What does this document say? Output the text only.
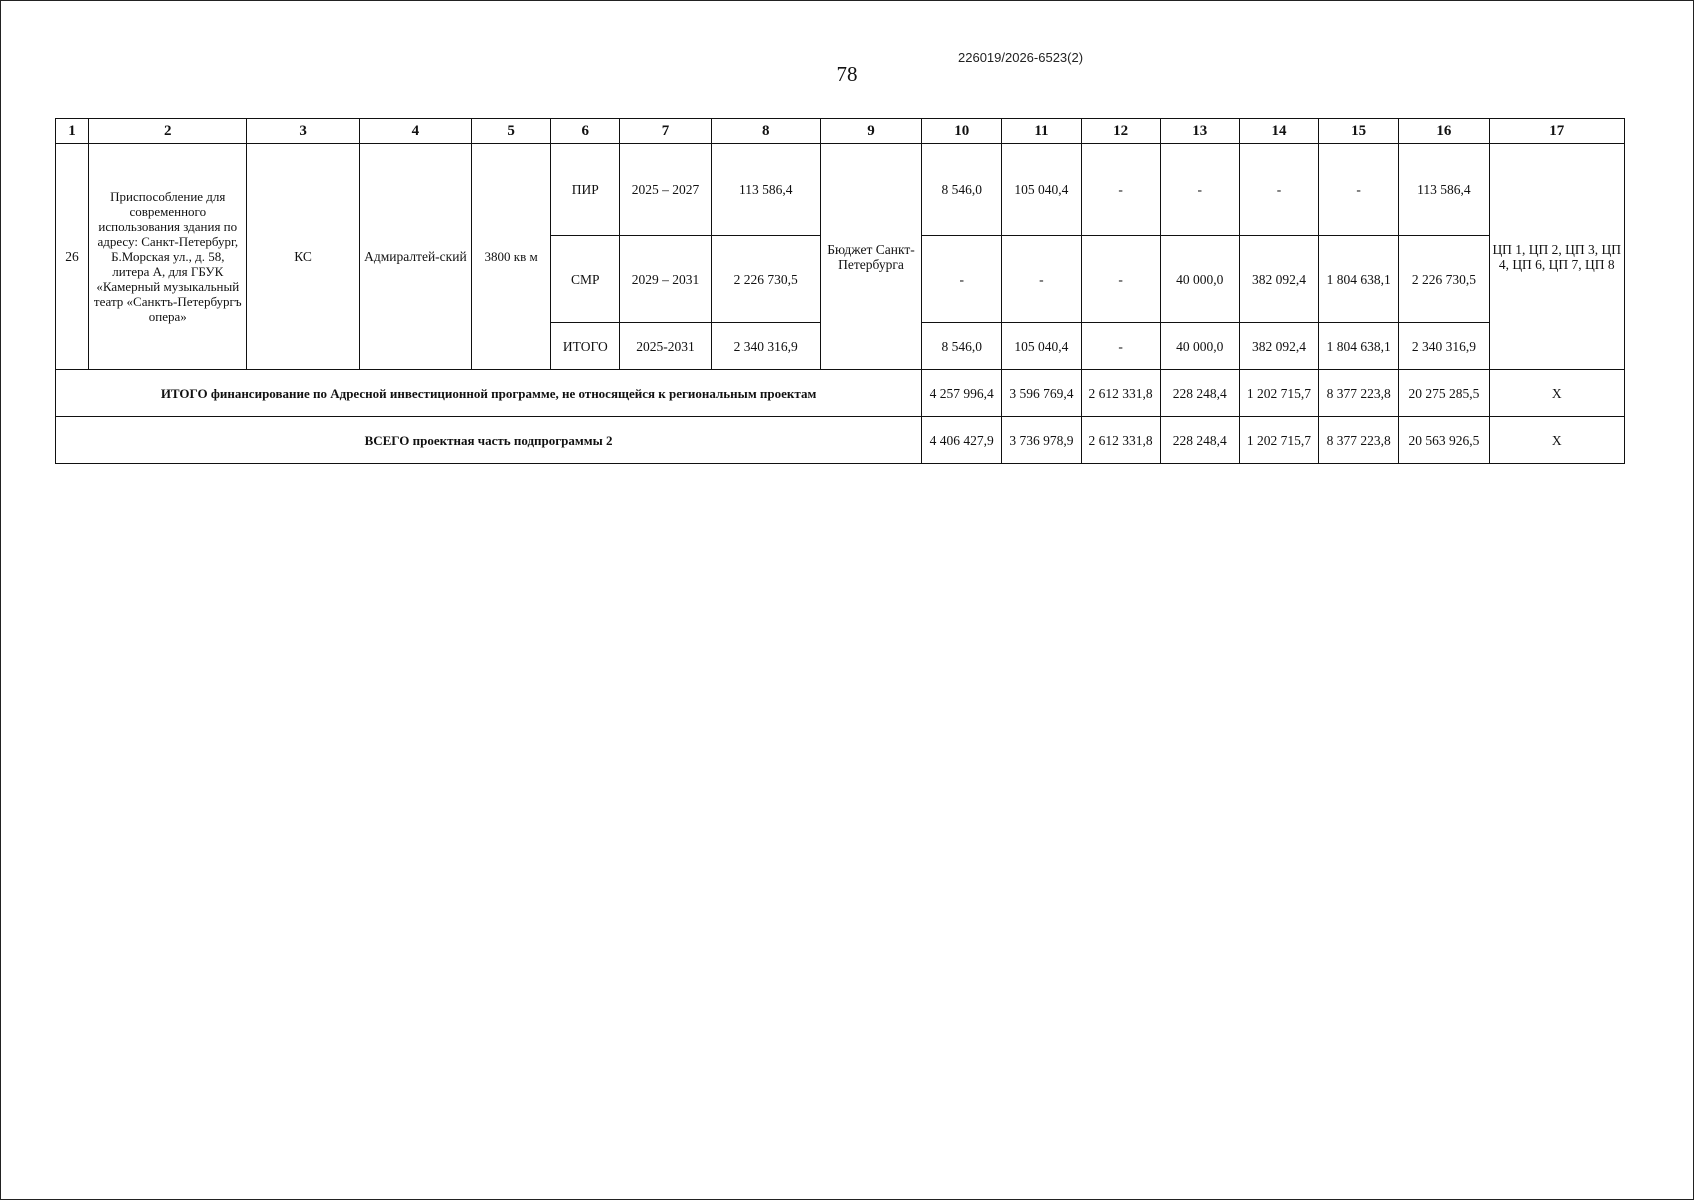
226019/2026-6523(2)
78
1	2	3	4	5	6	7	8	9	10	11	12	13	14	15	16	17
26	Приспособление для современного использования здания по адресу: Санкт-Петербург, Б.Морская ул., д. 58, литера А, для ГБУК «Камерный музыкальный театр «Санктъ-Петербургъ опера»	КС	Адмиралтей-ский	3800 кв м	ПИР	2025 – 2027	113 586,4	Бюджет Санкт-Петербурга	8 546,0	105 040,4	-	-	-	-	113 586,4	ЦП 1, ЦП 2, ЦП 3, ЦП 4, ЦП 6, ЦП 7, ЦП 8
					СМР	2029 – 2031	2 226 730,5		-	-	-	40 000,0	382 092,4	1 804 638,1	2 226 730,5	
					ИТОГО	2025-2031	2 340 316,9		8 546,0	105 040,4	-	40 000,0	382 092,4	1 804 638,1	2 340 316,9	
ИТОГО финансирование по Адресной инвестиционной программе, не относящейся к региональным проектам									4 257 996,4	3 596 769,4	2 612 331,8	228 248,4	1 202 715,7	8 377 223,8	20 275 285,5	X
ВСЕГО проектная часть подпрограммы 2									4 406 427,9	3 736 978,9	2 612 331,8	228 248,4	1 202 715,7	8 377 223,8	20 563 926,5	X
